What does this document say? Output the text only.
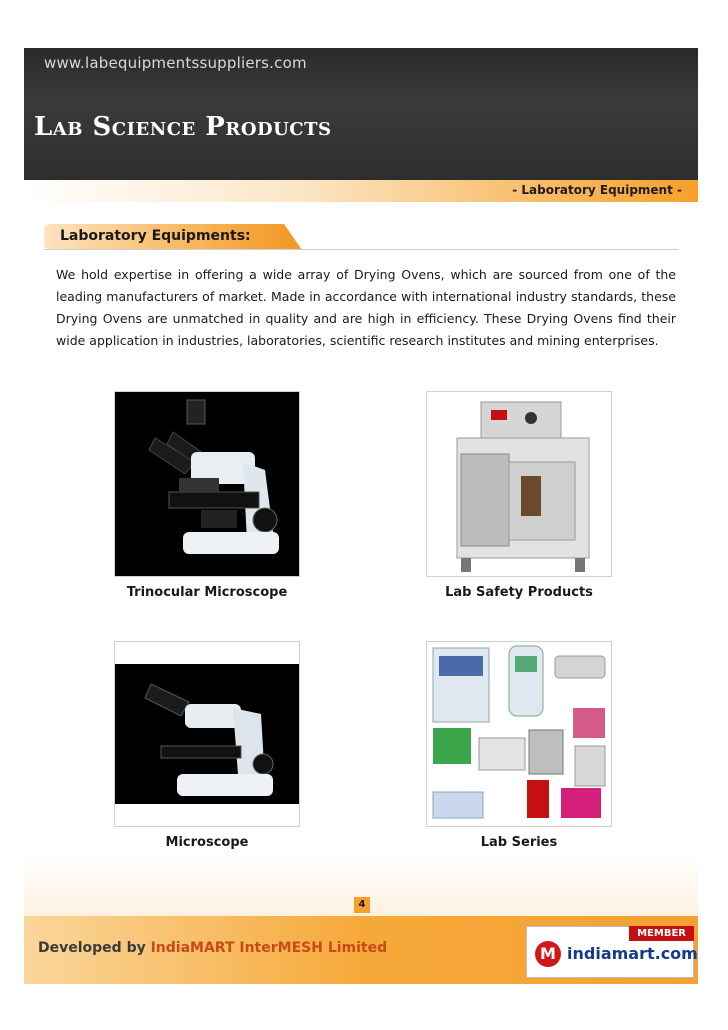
www.labequipmentssuppliers.com
Lab Science Products
- Laboratory Equipment -
Laboratory Equipments:
We hold expertise in offering a wide array of Drying Ovens, which are sourced from one of the leading manufacturers of market. Made in accordance with international industry standards, these Drying Ovens are unmatched in quality and are high in efficiency. These Drying Ovens find their wide application in industries, laboratories, scientific research institutes and mining enterprises.
Trinocular Microscope	Lab Safety Products
Microscope	Lab Series
4
Developed by IndiaMART InterMESH Limited
MEMBER
M indiamart.com
